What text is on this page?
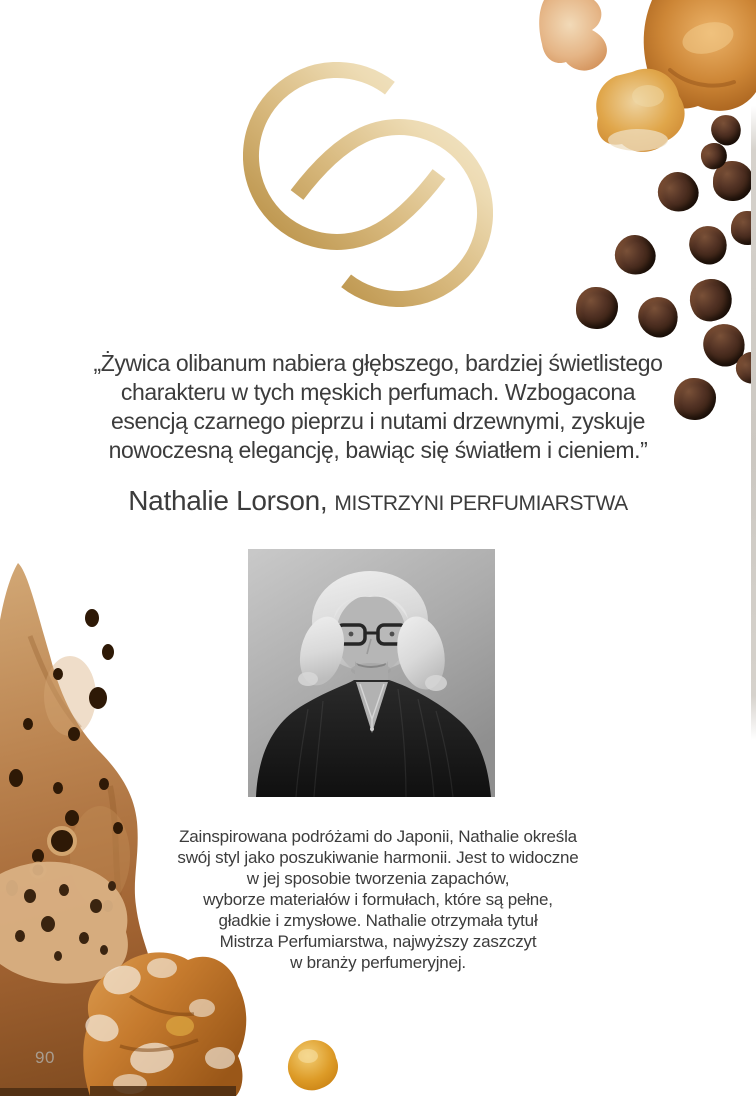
„Żywica olibanum nabiera głębszego, bardziej świetlistego
charakteru w tych męskich perfumach. Wzbogacona
esencją czarnego pieprzu i nutami drzewnymi, zyskuje
nowoczesną elegancję, bawiąc się światłem i cieniem.”
Nathalie Lorson, MISTRZYNI PERFUMIARSTWA
Zainspirowana podróżami do Japonii, Nathalie określa
swój styl jako poszukiwanie harmonii. Jest to widoczne
w jej sposobie tworzenia zapachów,
wyborze materiałów i formułach, które są pełne,
gładkie i zmysłowe. Nathalie otrzymała tytuł
Mistrza Perfumiarstwa, najwyższy zaszczyt
w branży perfumeryjnej.
90
